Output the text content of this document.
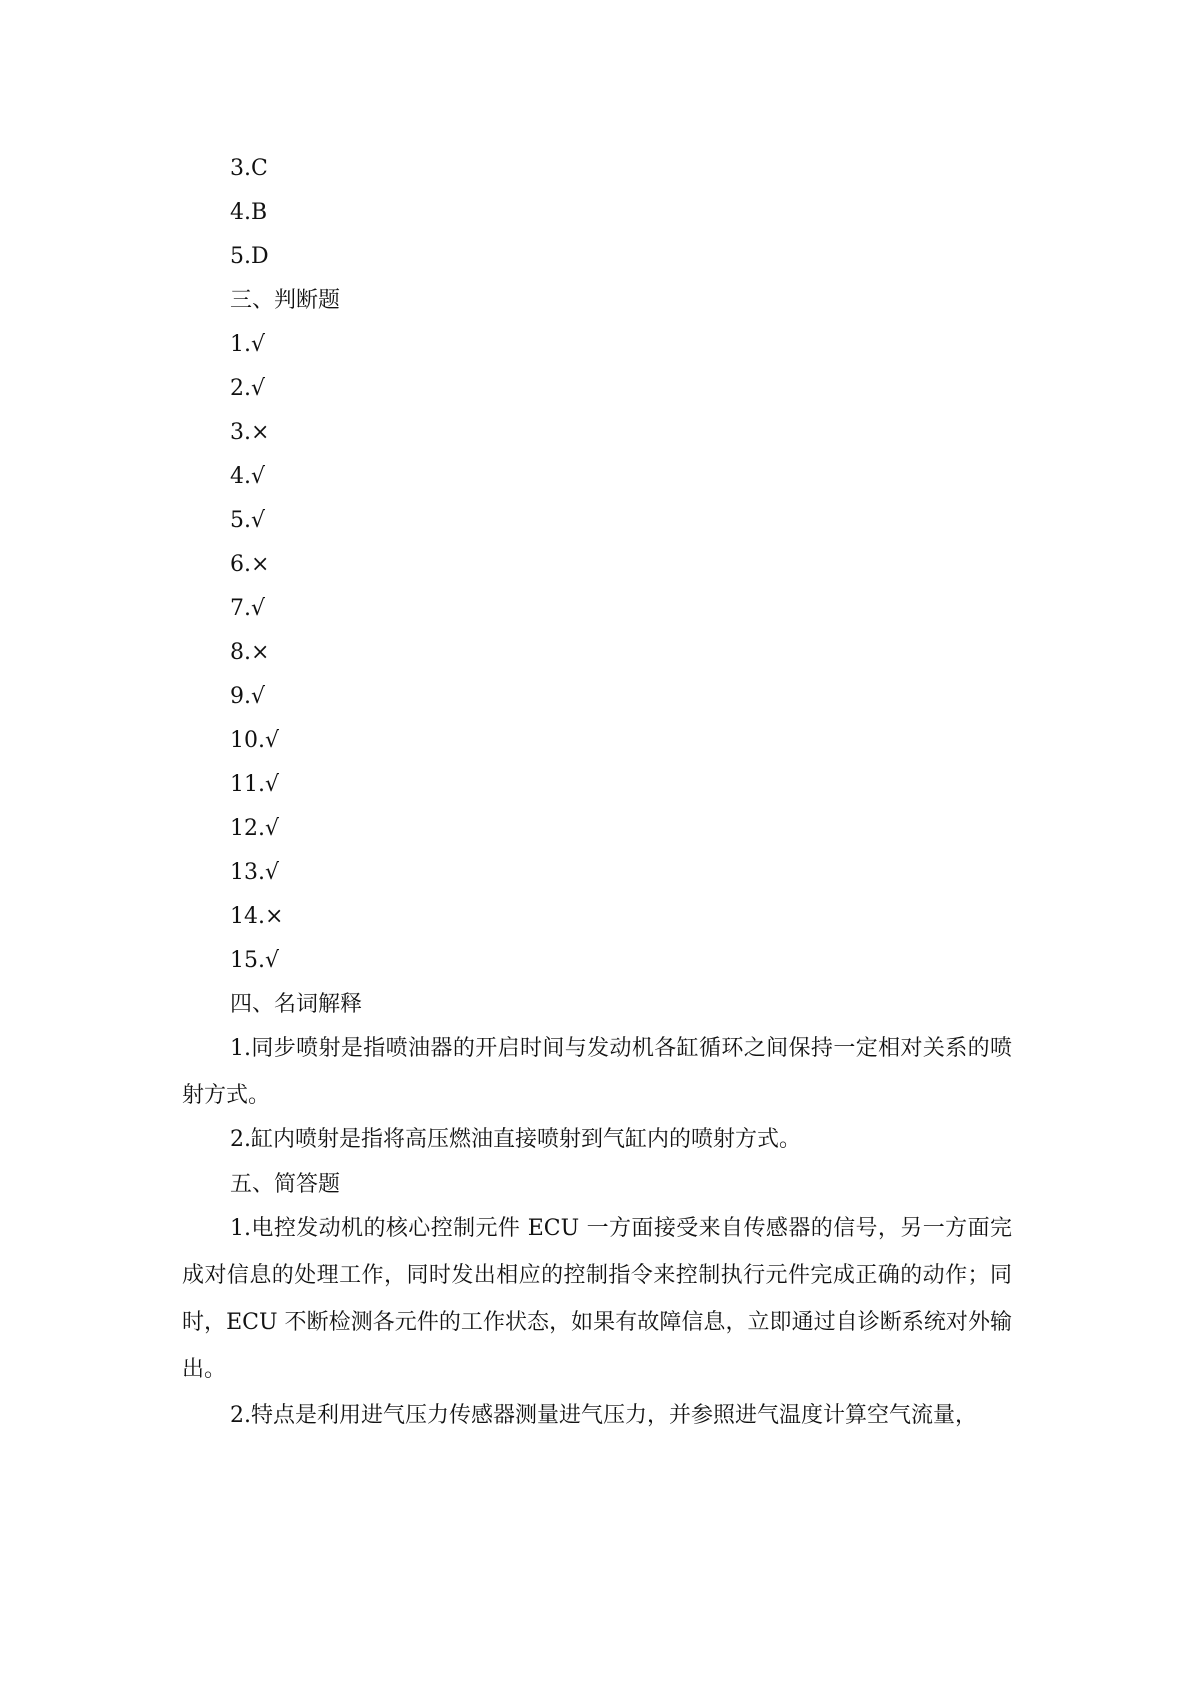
3.C
4.B
5.D
三、判断题
1.√
2.√
3.×
4.√
5.√
6.×
7.√
8.×
9.√
10.√
11.√
12.√
13.√
14.×
15.√
四、名词解释
1.同步喷射是指喷油器的开启时间与发动机各缸循环之间保持一定相对关系的喷射方式。
2.缸内喷射是指将高压燃油直接喷射到气缸内的喷射方式。
五、简答题
1.电控发动机的核心控制元件 ECU 一方面接受来自传感器的信号，另一方面完成对信息的处理工作，同时发出相应的控制指令来控制执行元件完成正确的动作；同时，ECU 不断检测各元件的工作状态，如果有故障信息，立即通过自诊断系统对外输出。
2.特点是利用进气压力传感器测量进气压力，并参照进气温度计算空气流量，
